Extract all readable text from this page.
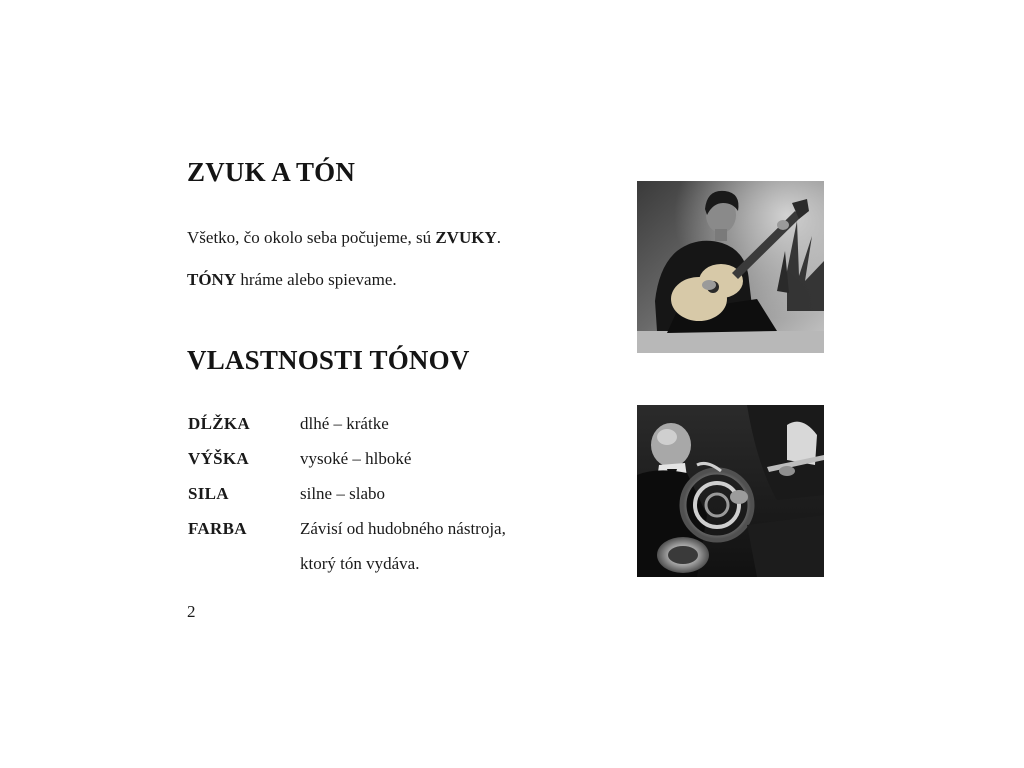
ZVUK A TÓN

Všetko, čo okolo seba počujeme, sú ZVUKY.

TÓNY hráme alebo spievame.

VLASTNOSTI TÓNOV
DĹŽKA	dlhé – krátke
VÝŠKA	vysoké – hlboké
SILA	silne – slabo
FARBA	Závisí od hudobného nástroja,
ktorý tón vydáva.

2
